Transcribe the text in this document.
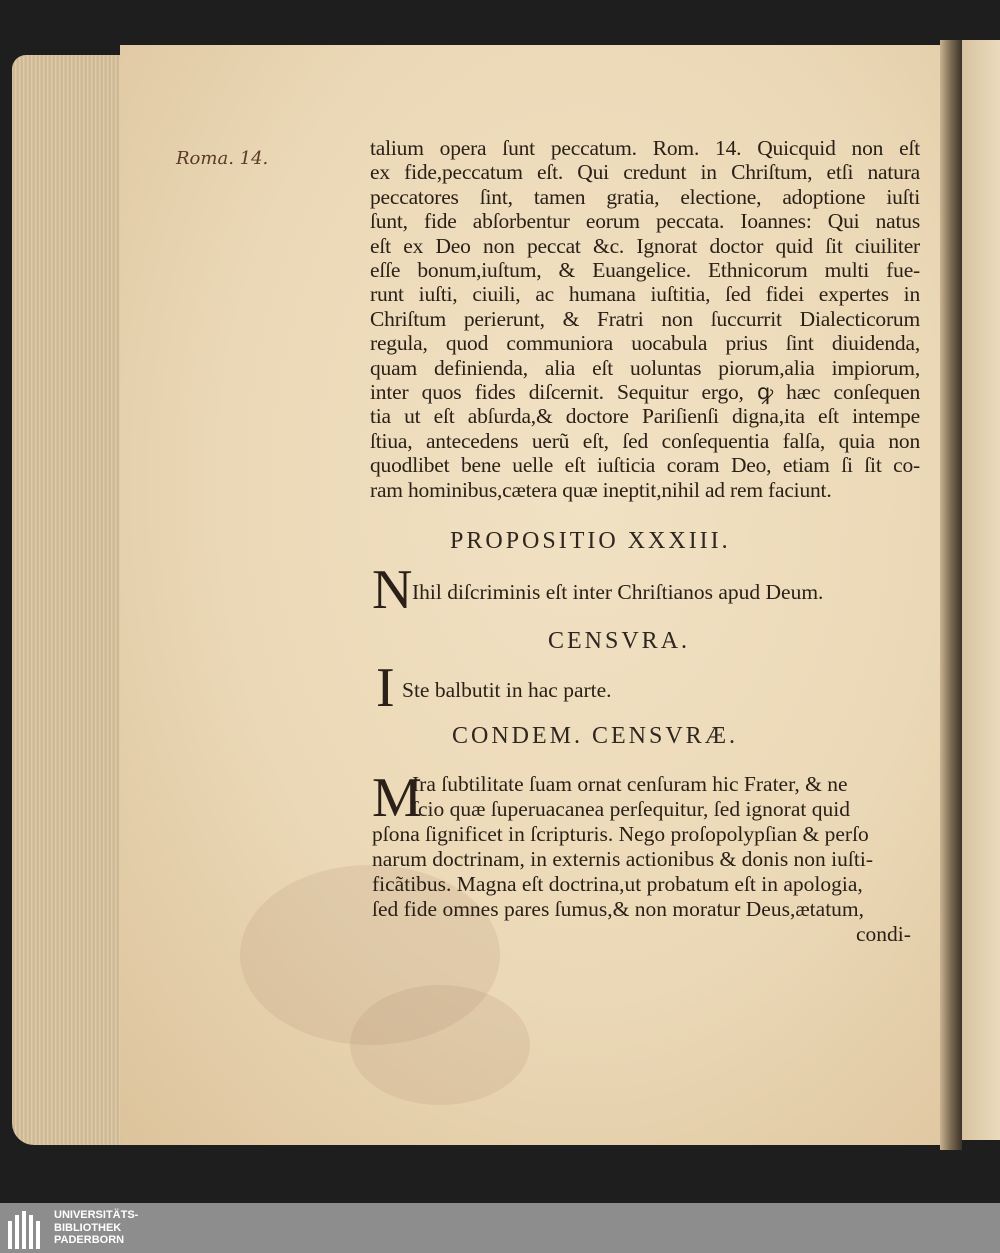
Roma. 14.	talium opera ſunt peccatum. Rom. 14. Quicquid non eſt
ex fide,peccatum eſt. Qui credunt in Chriſtum, etſi natura
peccatores ſint, tamen gratia, electione, adoptione iuſti
ſunt, fide abſorbentur eorum peccata. Ioannes: Qui natus
eſt ex Deo non peccat &c. Ignorat doctor quid ſit ciuiliter
eſſe bonum,iuſtum, & Euangelice. Ethnicorum multi fue-
runt iuſti, ciuili, ac humana iuſtitia, ſed fidei expertes in
Chriſtum perierunt, & Fratri non ſuccurrit Dialecticorum
regula, quod communiora uocabula prius ſint diuidenda,
quam definienda, alia eſt uoluntas piorum,alia impiorum,
inter quos fides diſcernit. Sequitur ergo, ꝙ hæc conſequen
tia ut eſt abſurda,& doctore Pariſienſi digna,ita eſt intempe
ſtiua, antecedens uerũ eſt, ſed conſequentia falſa, quia non
quodlibet bene uelle eſt iuſticia coram Deo, etiam ſi ſit co-
ram hominibus,cætera quæ ineptit,nihil ad rem faciunt.
PROPOSITIO XXXIII.
N Ihil diſcriminis eſt inter Chriſtianos apud Deum.
CENSVRA.
I Ste balbutit in hac parte.
CONDEM. CENSVRÆ.
M
Ira ſubtilitate ſuam ornat cenſuram hic Frater, & ne
ſcio quæ ſuperuacanea perſequitur, ſed ignorat quid
pſona ſignificet in ſcripturis. Nego proſopolypſian & perſo
narum doctrinam, in externis actionibus & donis non iuſti-
ficãtibus. Magna eſt doctrina,ut probatum eſt in apologia,
ſed fide omnes pares ſumus,& non moratur Deus,ætatum,
condi-
UNIVERSITÄTS-
BIBLIOTHEK
PADERBORN
